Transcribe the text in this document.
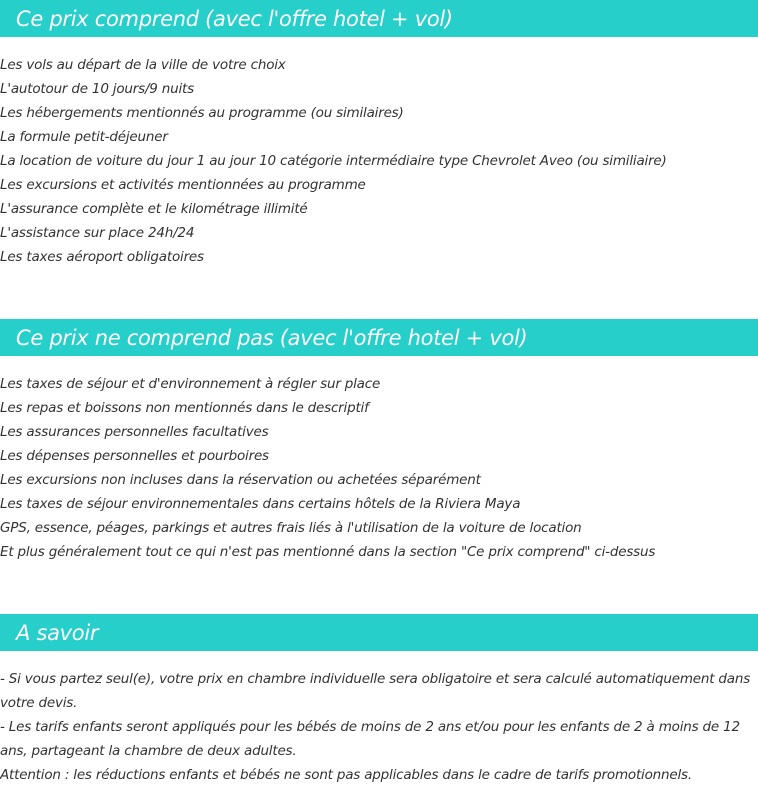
Ce prix comprend (avec l'offre hotel + vol)
Les vols au départ de la ville de votre choix
L'autotour de 10 jours/9 nuits
Les hébergements mentionnés au programme (ou similaires)
La formule petit-déjeuner
La location de voiture du jour 1 au jour 10 catégorie intermédiaire type Chevrolet Aveo (ou similiaire)
Les excursions et activités mentionnées au programme
L'assurance complète et le kilométrage illimité
L'assistance sur place 24h/24
Les taxes aéroport obligatoires
Ce prix ne comprend pas (avec l'offre hotel + vol)
Les taxes de séjour et d'environnement à régler sur place
Les repas et boissons non mentionnés dans le descriptif
Les assurances personnelles facultatives
Les dépenses personnelles et pourboires
Les excursions non incluses dans la réservation ou achetées séparément
Les taxes de séjour environnementales dans certains hôtels de la Riviera Maya
GPS, essence, péages, parkings et autres frais liés à l'utilisation de la voiture de location
Et plus généralement tout ce qui n'est pas mentionné dans la section "Ce prix comprend" ci-dessus
A savoir

- Si vous partez seul(e), votre prix en chambre individuelle sera obligatoire et sera calculé automatiquement dans votre devis.

- Les tarifs enfants seront appliqués pour les bébés de moins de 2 ans et/ou pour les enfants de 2 à moins de 12 ans, partageant la chambre de deux adultes.

Attention : les réductions enfants et bébés ne sont pas applicables dans le cadre de tarifs promotionnels.
